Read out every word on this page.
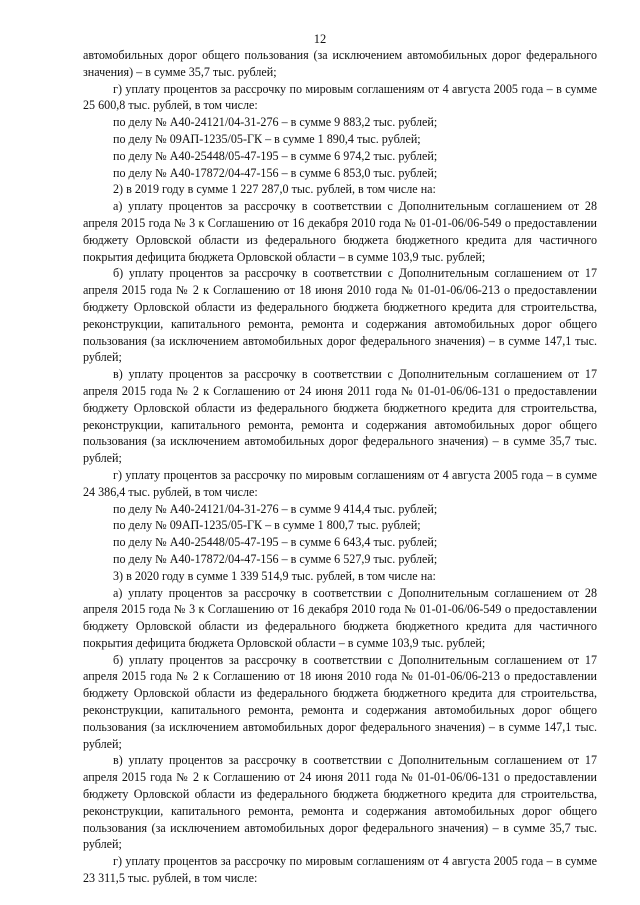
12

автомобильных дорог общего пользования (за исключением автомобильных дорог федерального значения) – в сумме 35,7 тыс. рублей;

г) уплату процентов за рассрочку по мировым соглашениям от 4 августа 2005 года – в сумме 25 600,8 тыс. рублей, в том числе:

по делу № А40-24121/04-31-276 – в сумме 9 883,2 тыс. рублей;

по делу № 09АП-1235/05-ГК – в сумме 1 890,4 тыс. рублей;

по делу № А40-25448/05-47-195 – в сумме 6 974,2 тыс. рублей;

по делу № А40-17872/04-47-156 – в сумме 6 853,0 тыс. рублей;

2) в 2019 году в сумме 1 227 287,0 тыс. рублей, в том числе на:

а) уплату процентов за рассрочку в соответствии с Дополнительным соглашением от 28 апреля 2015 года № 3 к Соглашению от 16 декабря 2010 года № 01-01-06/06-549 о предоставлении бюджету Орловской области из федерального бюджета бюджетного кредита для частичного покрытия дефицита бюджета Орловской области – в сумме 103,9 тыс. рублей;

б) уплату процентов за рассрочку в соответствии с Дополнительным соглашением от 17 апреля 2015 года № 2 к Соглашению от 18 июня 2010 года № 01-01-06/06-213 о предоставлении бюджету Орловской области из федерального бюджета бюджетного кредита для строительства, реконструкции, капитального ремонта, ремонта и содержания автомобильных дорог общего пользования (за исключением автомобильных дорог федерального значения) – в сумме 147,1 тыс. рублей;

в) уплату процентов за рассрочку в соответствии с Дополнительным соглашением от 17 апреля 2015 года № 2 к Соглашению от 24 июня 2011 года № 01-01-06/06-131 о предоставлении бюджету Орловской области из федерального бюджета бюджетного кредита для строительства, реконструкции, капитального ремонта, ремонта и содержания автомобильных дорог общего пользования (за исключением автомобильных дорог федерального значения) – в сумме 35,7 тыс. рублей;

г) уплату процентов за рассрочку по мировым соглашениям от 4 августа 2005 года – в сумме 24 386,4 тыс. рублей, в том числе:

по делу № А40-24121/04-31-276 – в сумме 9 414,4 тыс. рублей;

по делу № 09АП-1235/05-ГК – в сумме 1 800,7 тыс. рублей;

по делу № А40-25448/05-47-195 – в сумме 6 643,4 тыс. рублей;

по делу № А40-17872/04-47-156 – в сумме 6 527,9 тыс. рублей;

3) в 2020 году в сумме 1 339 514,9 тыс. рублей, в том числе на:

а) уплату процентов за рассрочку в соответствии с Дополнительным соглашением от 28 апреля 2015 года № 3 к Соглашению от 16 декабря 2010 года № 01-01-06/06-549 о предоставлении бюджету Орловской области из федерального бюджета бюджетного кредита для частичного покрытия дефицита бюджета Орловской области – в сумме 103,9 тыс. рублей;

б) уплату процентов за рассрочку в соответствии с Дополнительным соглашением от 17 апреля 2015 года № 2 к Соглашению от 18 июня 2010 года № 01-01-06/06-213 о предоставлении бюджету Орловской области из федерального бюджета бюджетного кредита для строительства, реконструкции, капитального ремонта, ремонта и содержания автомобильных дорог общего пользования (за исключением автомобильных дорог федерального значения) – в сумме 147,1 тыс. рублей;

в) уплату процентов за рассрочку в соответствии с Дополнительным соглашением от 17 апреля 2015 года № 2 к Соглашению от 24 июня 2011 года № 01-01-06/06-131 о предоставлении бюджету Орловской области из федерального бюджета бюджетного кредита для строительства, реконструкции, капитального ремонта, ремонта и содержания автомобильных дорог общего пользования (за исключением автомобильных дорог федерального значения) – в сумме 35,7 тыс. рублей;

г) уплату процентов за рассрочку по мировым соглашениям от 4 августа 2005 года – в сумме 23 311,5 тыс. рублей, в том числе:
